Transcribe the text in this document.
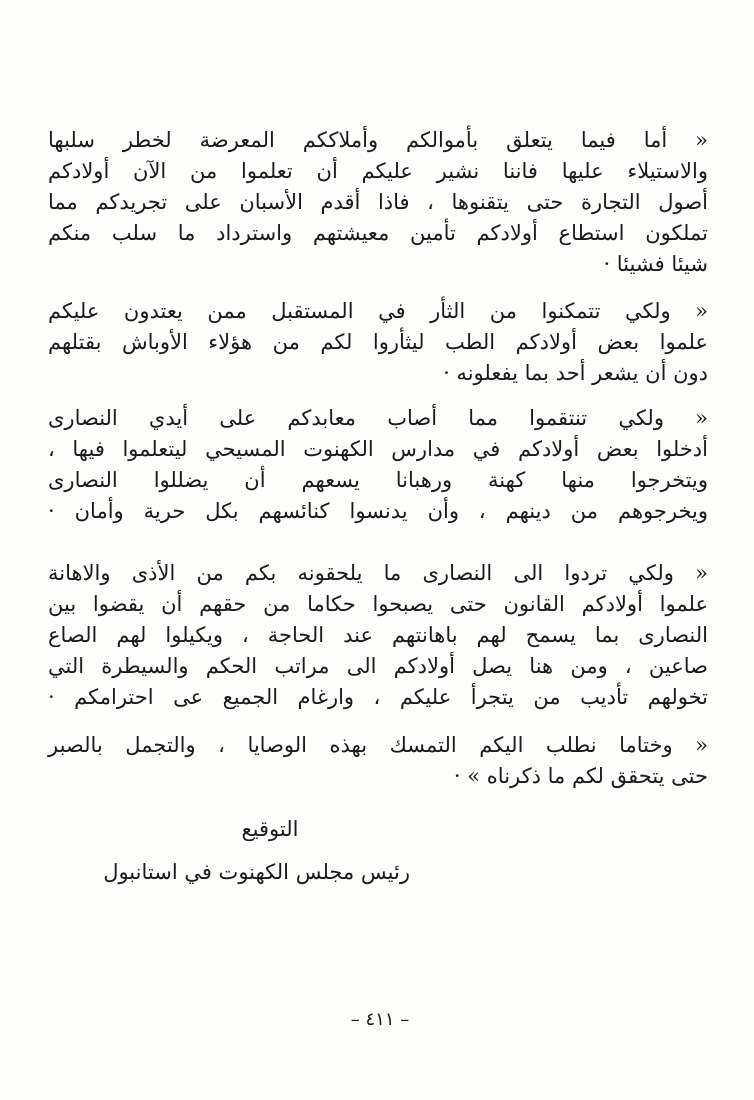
« أما فيما يتعلق بأموالكم وأملاككم المعرضة لخطر سلبها
والاستيلاء عليها فاننا نشير عليكم أن تعلموا من الآن أولادكم
أصول التجارة حتى يتقنوها ، فاذا أقدم الأسبان على تجريدكم مما
تملكون استطاع أولادكم تأمين معيشتهم واسترداد ما سلب منكم
شيئا فشيئا ·
« ولكي تتمكنوا من الثأر في المستقبل ممن يعتدون عليكم
علموا بعض أولادكم الطب ليثأروا لكم من هؤلاء الأوباش بقتلهم
دون أن يشعر أحد بما يفعلونه ·
« ولكي تنتقموا مما أصاب معابدكم على أيدي النصارى
أدخلوا بعض أولادكم في مدارس الكهنوت المسيحي ليتعلموا فيها ،
ويتخرجوا منها كهنة ورهبانا يسعهم أن يضللوا النصارى
ويخرجوهم من دينهم ، وأن يدنسوا كنائسهم بكل حرية وأمان ·
« ولكي تردوا الى النصارى ما يلحقونه بكم من الأذى والاهانة
علموا أولادكم القانون حتى يصبحوا حكاما من حقهم أن يقضوا بين
النصارى بما يسمح لهم باهانتهم عند الحاجة ، ويكيلوا لهم الصاع
صاعين ، ومن هنا يصل أولادكم الى مراتب الحكم والسيطرة التي
تخولهم تأديب من يتجرأ عليكم ، وارغام الجميع عى احترامكم ·
« وختاما نطلب اليكم التمسك بهذه الوصايا ، والتجمل بالصبر
حتى يتحقق لكم ما ذكرناه » ·
التوقيع
رئيس مجلس الكهنوت في استانبول
– ٤١١ –
